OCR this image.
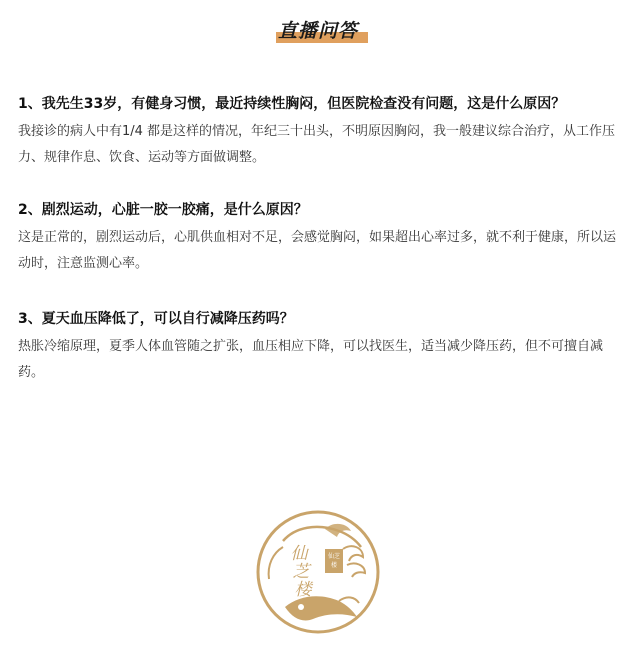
直播问答

1、我先生33岁，有健身习惯，最近持续性胸闷，但医院检查没有问题，这是什么原因？

我接诊的病人中有1/4 都是这样的情况，年纪三十出头，不明原因胸闷，我一般建议综合治疗，从工作压力、规律作息、饮食、运动等方面做调整。

2、剧烈运动，心脏一胶一胶痛，是什么原因？

这是正常的，剧烈运动后，心肌供血相对不足，会感觉胸闷，如果超出心率过多，就不利于健康，所以运动时，注意监测心率。

3、夏天血压降低了，可以自行减降压药吗？

热胀冷缩原理，夏季人体血管随之扩张，血压相应下降，可以找医生，适当减少降压药，但不可擅自减药。

仙芝
楼
仙
芝
楼
